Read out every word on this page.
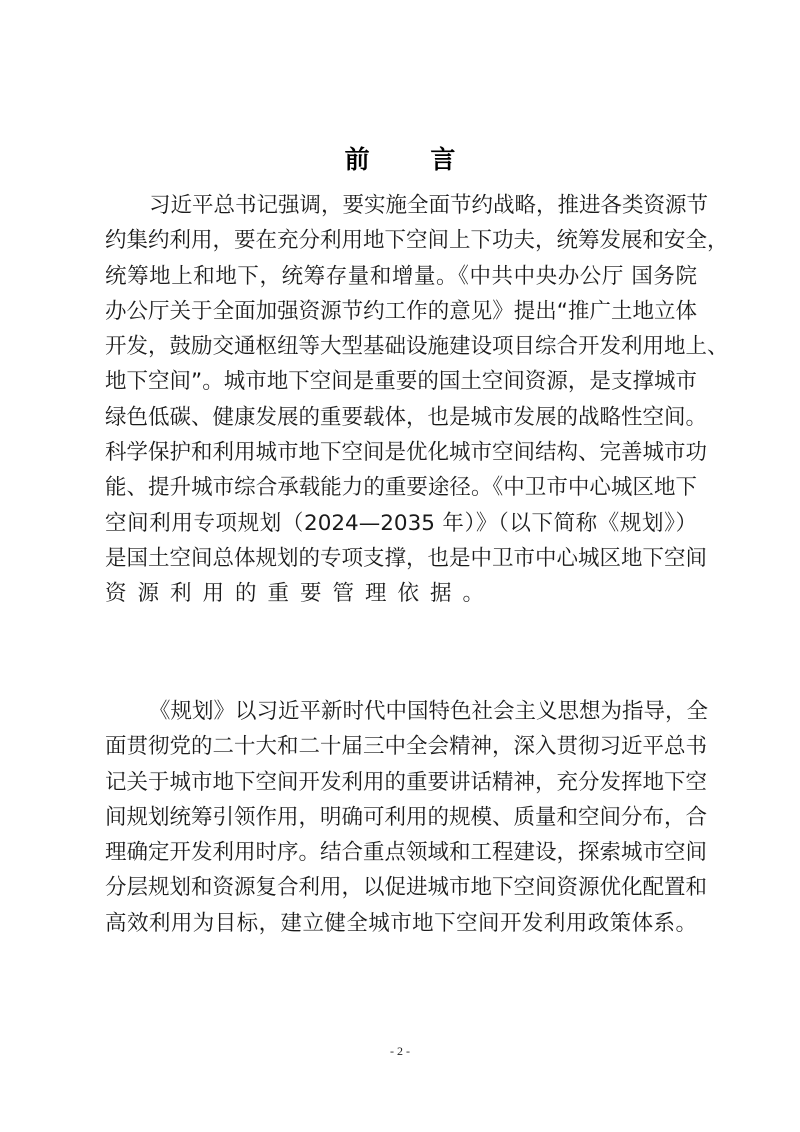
前 言
习近平总书记强调，要实施全面节约战略，推进各类资源节
约集约利用，要在充分利用地下空间上下功夫，统筹发展和安全，
统筹地上和地下，统筹存量和增量。《中共中央办公厅 国务院
办公厅关于全面加强资源节约工作的意见》提出“推广土地立体
开发，鼓励交通枢纽等大型基础设施建设项目综合开发利用地上、
地下空间”。城市地下空间是重要的国土空间资源，是支撑城市
绿色低碳、健康发展的重要载体，也是城市发展的战略性空间。
科学保护和利用城市地下空间是优化城市空间结构、完善城市功
能、提升城市综合承载能力的重要途径。《中卫市中心城区地下
空间利用专项规划（2024—2035 年）》（以下简称《规划》）
是国土空间总体规划的专项支撑，也是中卫市中心城区地下空间
资源利用的重要管理依据。
《规划》以习近平新时代中国特色社会主义思想为指导，全
面贯彻党的二十大和二十届三中全会精神，深入贯彻习近平总书
记关于城市地下空间开发利用的重要讲话精神，充分发挥地下空
间规划统筹引领作用，明确可利用的规模、质量和空间分布，合
理确定开发利用时序。结合重点领域和工程建设，探索城市空间
分层规划和资源复合利用，以促进城市地下空间资源优化配置和
高效利用为目标，建立健全城市地下空间开发利用政策体系。
- 2 -
